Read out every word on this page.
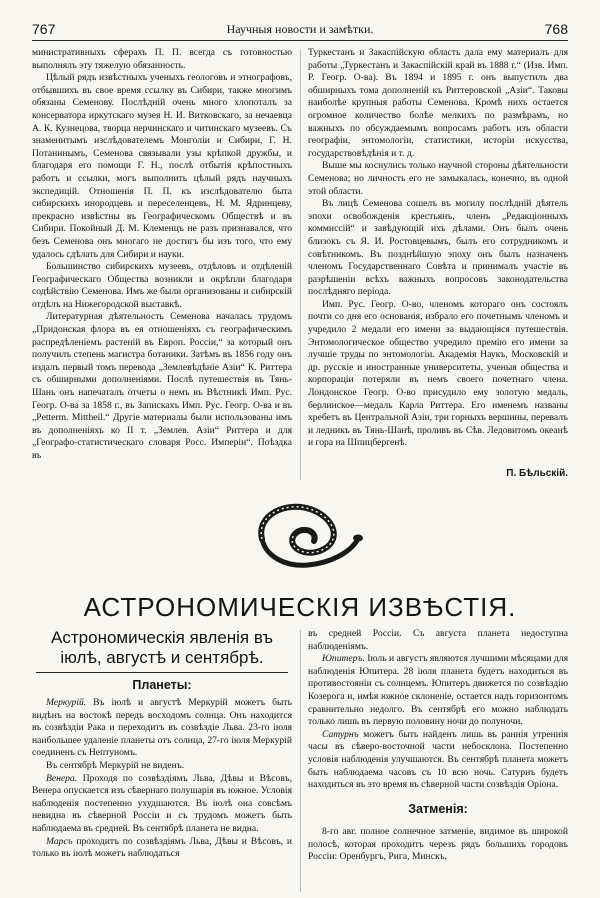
767	Научныя новости и замѣтки.	768

министративныхъ сферахъ П. П. всегда съ готовностью выполнялъ эту тяжелую обязанность.

Цѣлый рядъ извѣстныхъ ученыхъ геологовъ и этнографовъ, отбывшихъ въ свое время ссылку въ Сибири, также многимъ обязаны Семенову. Послѣдній очень много хлопоталъ за консерватора иркутскаго музея Н. И. Витковскаго, за нечаевца А. К. Кузнецова, творца нерчинскаго и читинскаго музеевъ. Съ знаменитымъ изслѣдователемъ Монголіи и Сибири, Г. Н. Потанинымъ, Семенова связывали узы крѣпкой дружбы, и благодаря его помощи Г. Н., послѣ отбытія крѣпостныхъ работъ и ссылки, могъ выполнить цѣлый рядъ научныхъ экспедицій. Отношенія П. П. къ изслѣдователю быта сибирскихъ инородцевъ и переселенцевъ, Н. М. Ядринцеву, прекрасно извѣстны въ Географическомъ Обществѣ и въ Сибири. Покойный Д. М. Клеменцъ не разъ признавался, что безъ Семенова онъ многаго не достигъ бы изъ того, что ему удалось сдѣлать для Сибири и науки.

Большинство сибирскихъ музеевъ, отдѣловъ и отдѣленій Географическаго Общества возникли и окрѣпли благодаря содѣйствію Семенова. Имъ же были организованы и сибирскій отдѣлъ на Нижегородской выставкѣ.

Литературная дѣятельность Семенова началась трудомъ „Придонская флора въ ея отношеніяхъ съ географическимъ распредѣленіемъ растеній въ Европ. Россіи,“ за который онъ получилъ степень магистра ботаники. Затѣмъ въ 1856 году онъ издалъ первый томъ перевода „Землевѣдѣніе Азіи“ К. Риттера съ обширными дополненіями. Послѣ путешествія въ Тянь-Шань онъ напечаталъ отчеты о немъ въ Вѣстникѣ Имп. Рус. Геогр. О-ва за 1858 г., въ Запискахъ Имп. Рус. Геогр. О-ва и въ „Petterm. Mittheil.“ Другіе материалы были использованы имъ въ дополненіяхъ ко II т. „Землев. Азіи“ Риттера и для „Географо-статистическаго словаря Росс. Имперіи“. Поѣздка въ

Туркестанъ и Закаспійскую область дала ему материалъ для работы „Туркестанъ и Закаспійскій край въ 1888 г.“ (Изв. Имп. Р. Геогр. О-ва). Въ 1894 и 1895 г. онъ выпустилъ два обширныхъ тома дополненій къ Риттеровской „Азіи“. Таковы наиболѣе крупныя работы Семенова. Кромѣ нихъ остается огромное количество болѣе мелкихъ по размѣрамъ, но важныхъ по обсуждаемымъ вопросамъ работъ изъ области географіи, энтомологіи, статистики, исторіи искусства, государствовѣдѣнія и т. д.

Выше мы коснулись только научной стороны дѣятельности Семенова; но личность его не замыкалась, конечно, въ одной этой области.

Въ лицѣ Семенова сошелъ въ могилу послѣдній дѣятель эпохи освобожденія крестьянъ, членъ „Редакціонныхъ коммиссій“ и завѣдующій ихъ дѣлами. Онъ былъ очень близокъ съ Я. И. Ростовцевымъ, былъ его сотрудникомъ и совѣтникомъ. Въ позднѣйшую эпоху онъ былъ назначенъ членомъ Государственнаго Совѣта и принималъ участіе въ разрѣшеніи всѣхъ важныхъ вопросовъ законодательства послѣдняго періода.

Имп. Рус. Геогр. О-во, членомъ котораго онъ состоялъ почти со дня его основанія, избрало его почетнымъ членомъ и учредило 2 медали его имени за выдающіяся путешествія. Энтомологическое общество учредило премію его имени за лучшіе труды по энтомологіи. Академія Наукъ, Московскій и др. русскіе и иностранные университеты, ученыя общества и корпораціи потеряли въ немъ своего почетнаго члена. Лондонское Геогр. О-во присудило ему золотую медаль, берлинское—медаль Карла Риттера. Его именемъ названы хребетъ въ Центральной Азіи, три горныхъ вершины, перевалъ и ледникъ въ Тянь-Шанѣ, проливъ въ Сѣв. Ледовитомъ океанѣ и гора на Шпицбергенѣ.

П. Бѣльскій.
АСТРОНОМИЧЕСКІЯ ИЗВѢСТІЯ.
Астрономическія явленія въ іюлѣ, августѣ и сентябрѣ.
Планеты:

Меркурій. Въ іюлѣ и августѣ Меркурій можетъ быть видѣнъ на востокѣ передъ восходомъ солнца. Онъ находится въ созвѣздіи Рака и переходитъ въ созвѣздіе Льва. 23-го іюля наибольшее удаленіе планеты отъ солнца, 27-го іюля Меркурій соединенъ съ Нептуномъ.

Въ сентябрѣ Меркурій не виденъ.

Венера. Проходя по созвѣздіямъ Льва, Дѣвы и Вѣсовъ, Венера опускается изъ сѣвернаго полушарія въ южное. Условія наблюденія постепенно ухудшаются. Въ іюлѣ она совсѣмъ невидна въ сѣверной Россіи и съ трудомъ можетъ быть наблюдаема въ средней. Въ сентябрѣ планета не видна.

Марсъ проходитъ по созвѣздіямъ Льва, Дѣвы и Вѣсовъ, и только въ іюлѣ можетъ наблюдаться

въ средней Россіи. Съ августа планета недоступна наблюденіямъ.

Юпитеръ. Іюль и августъ являются лучшими мѣсяцами для наблюденія Юпитера. 28 іюля планета будетъ находиться въ противостояніи съ солнцемъ. Юпитеръ движется по созвѣздію Козерога и, имѣя южное склоненіе, остается надъ горизонтомъ сравнительно недолго. Въ сентябрѣ его можно наблюдать только лишь въ первую половину ночи до полуночи.

Сатурнъ можетъ быть найденъ лишь въ раннія утреннія часы въ сѣверо-восточной части небосклона. Постепенно условія наблюденія улучшаются. Въ сентябрѣ планета можетъ быть наблюдаема часовъ съ 10 всю ночь. Сатурнъ будетъ находиться въ это время въ сѣверной части созвѣздія Оріона.

Затменія:

8-го авг. полное солнечное затменіе, видимое въ широкой полосѣ, которая проходитъ черезъ рядъ большихъ городовъ Россіи: Оренбургъ, Рига, Минскъ,
